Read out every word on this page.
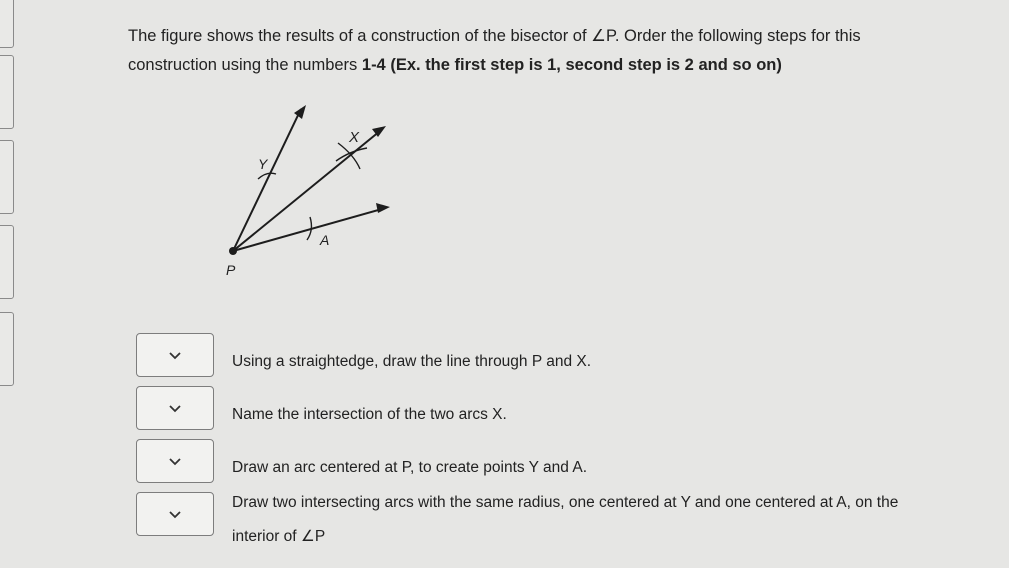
The figure shows the results of a construction of the bisector of ∠P. Order the following steps for this construction using the numbers 1-4 (Ex. the first step is 1, second step is 2 and so on)

P
Y
X
A

Using a straightedge, draw the line through P and X.

Name the intersection of the two arcs X.

Draw an arc centered at P, to create points Y and A.

Draw two intersecting arcs with the same radius, one centered at Y and one centered at A, on the interior of ∠P
